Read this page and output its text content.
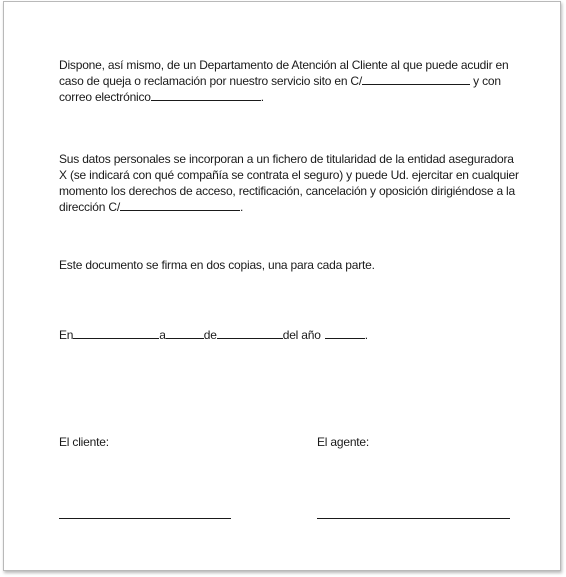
Dispone, así mismo, de un Departamento de Atención al Cliente al que puede acudir en caso de queja o reclamación por nuestro servicio sito en C/	y con correo electrónico	.

Sus datos personales se incorporan a un fichero de titularidad de la entidad aseguradora X (se indicará con qué compañía se contrata el seguro) y puede Ud. ejercitar en cualquier momento los derechos de acceso, rectificación, cancelación y oposición dirigiéndose a la dirección C/	.

Este documento se firma en dos copias, una para cada parte.

En	a	de	del año	.
El cliente:	El agente:
